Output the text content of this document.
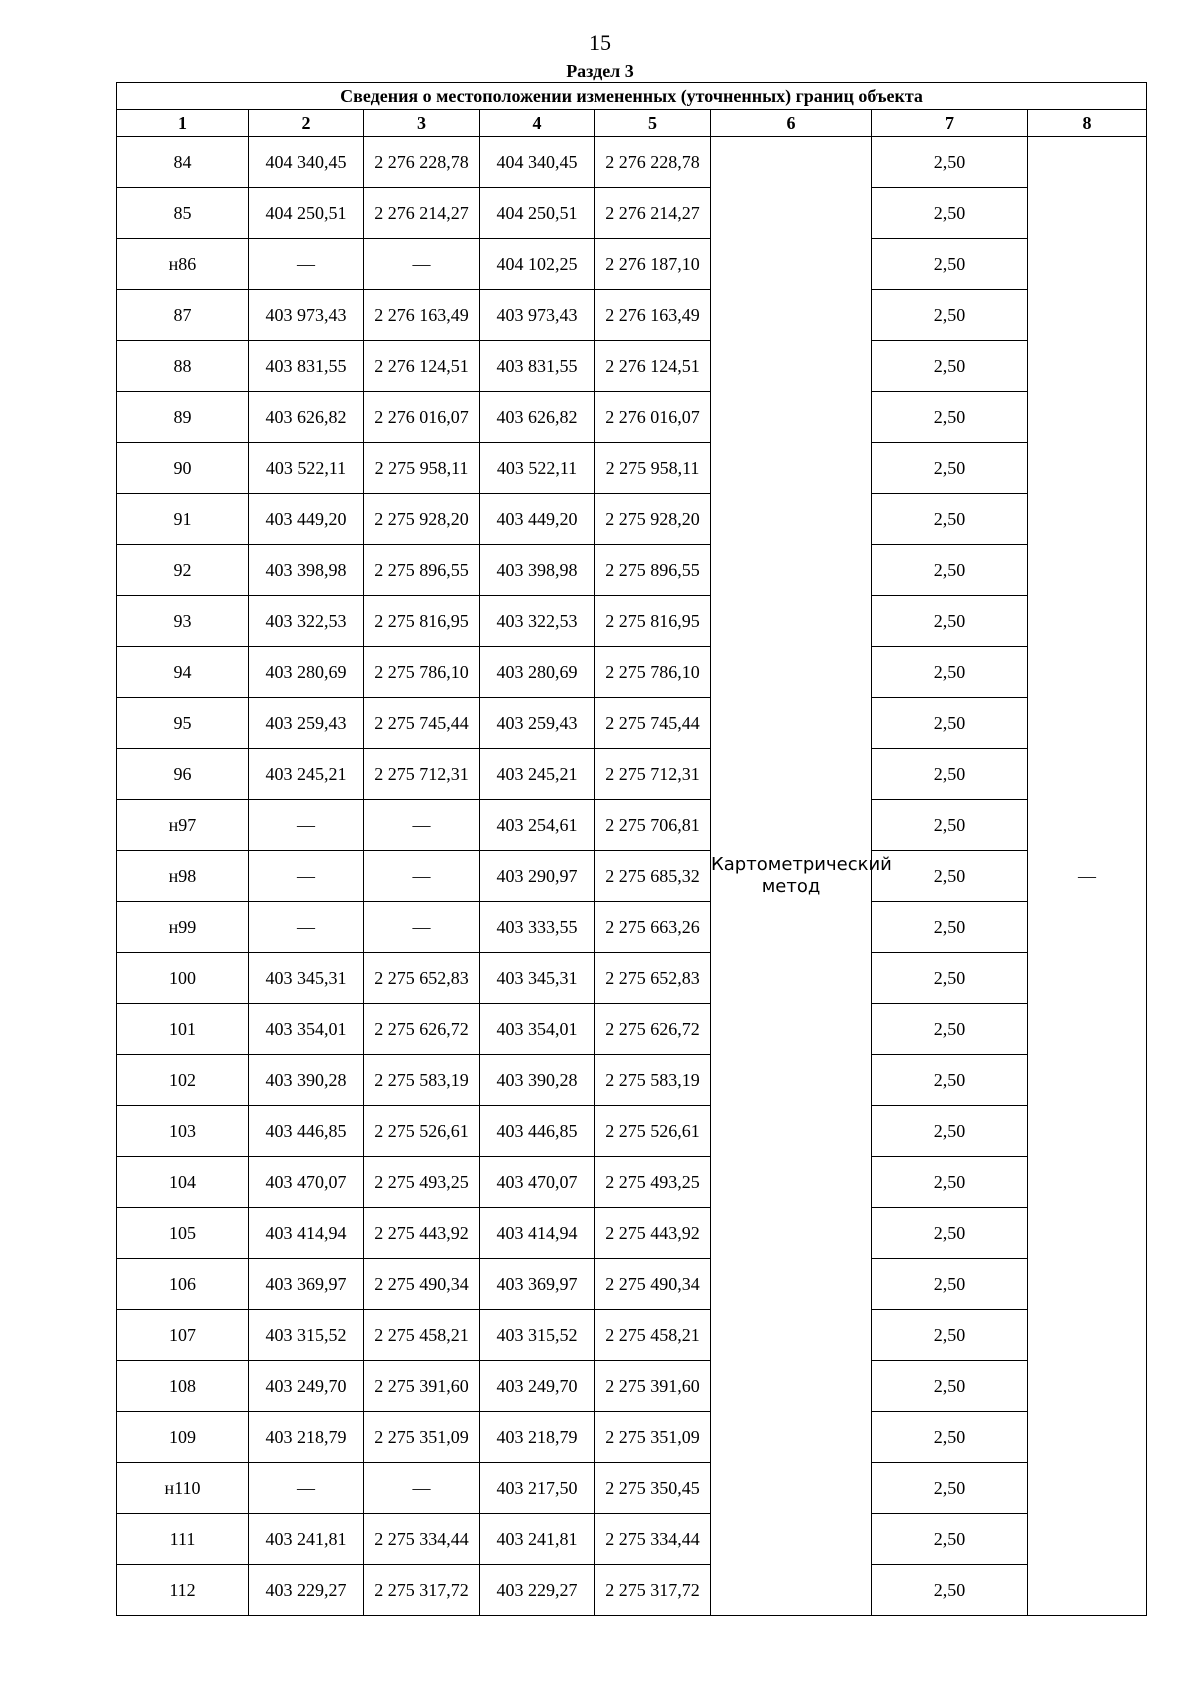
15
Раздел 3
Сведения о местоположении измененных (уточненных) границ объекта							
1	2	3	4	5	6	7	8
84	404 340,45	2 276 228,78	404 340,45	2 276 228,78	Картометрический метод	2,50	—
85	404 250,51	2 276 214,27	404 250,51	2 276 214,27		2,50	
н86	—	—	404 102,25	2 276 187,10		2,50	
87	403 973,43	2 276 163,49	403 973,43	2 276 163,49		2,50	
88	403 831,55	2 276 124,51	403 831,55	2 276 124,51		2,50	
89	403 626,82	2 276 016,07	403 626,82	2 276 016,07		2,50	
90	403 522,11	2 275 958,11	403 522,11	2 275 958,11		2,50	
91	403 449,20	2 275 928,20	403 449,20	2 275 928,20		2,50	
92	403 398,98	2 275 896,55	403 398,98	2 275 896,55		2,50	
93	403 322,53	2 275 816,95	403 322,53	2 275 816,95		2,50	
94	403 280,69	2 275 786,10	403 280,69	2 275 786,10		2,50	
95	403 259,43	2 275 745,44	403 259,43	2 275 745,44		2,50	
96	403 245,21	2 275 712,31	403 245,21	2 275 712,31		2,50	
н97	—	—	403 254,61	2 275 706,81		2,50	
н98	—	—	403 290,97	2 275 685,32		2,50	
н99	—	—	403 333,55	2 275 663,26		2,50	
100	403 345,31	2 275 652,83	403 345,31	2 275 652,83		2,50	
101	403 354,01	2 275 626,72	403 354,01	2 275 626,72		2,50	
102	403 390,28	2 275 583,19	403 390,28	2 275 583,19		2,50	
103	403 446,85	2 275 526,61	403 446,85	2 275 526,61		2,50	
104	403 470,07	2 275 493,25	403 470,07	2 275 493,25		2,50	
105	403 414,94	2 275 443,92	403 414,94	2 275 443,92		2,50	
106	403 369,97	2 275 490,34	403 369,97	2 275 490,34		2,50	
107	403 315,52	2 275 458,21	403 315,52	2 275 458,21		2,50	
108	403 249,70	2 275 391,60	403 249,70	2 275 391,60		2,50	
109	403 218,79	2 275 351,09	403 218,79	2 275 351,09		2,50	
н110	—	—	403 217,50	2 275 350,45		2,50	
111	403 241,81	2 275 334,44	403 241,81	2 275 334,44		2,50	
112	403 229,27	2 275 317,72	403 229,27	2 275 317,72		2,50	
